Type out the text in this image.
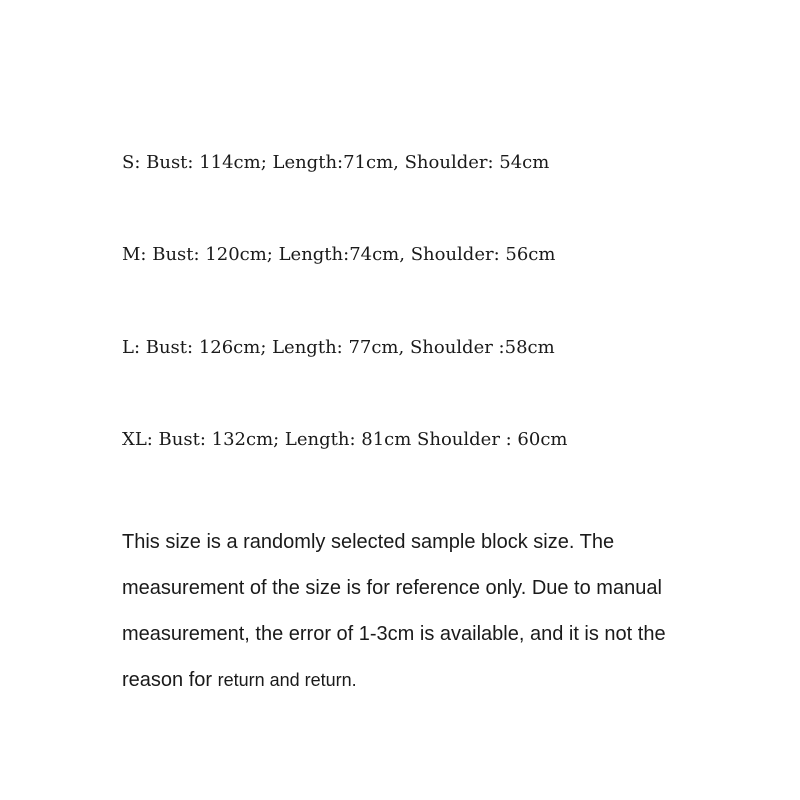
S: Bust: 114cm; Length:71cm, Shoulder: 54cm
M: Bust: 120cm; Length:74cm, Shoulder: 56cm
L: Bust: 126cm; Length: 77cm, Shoulder :58cm
XL: Bust: 132cm; Length: 81cm Shoulder : 60cm
This size is a randomly selected sample block size. The
measurement of the size is for reference only. Due to manual
measurement, the error of 1-3cm is available, and it is not the
reason for return and return.
